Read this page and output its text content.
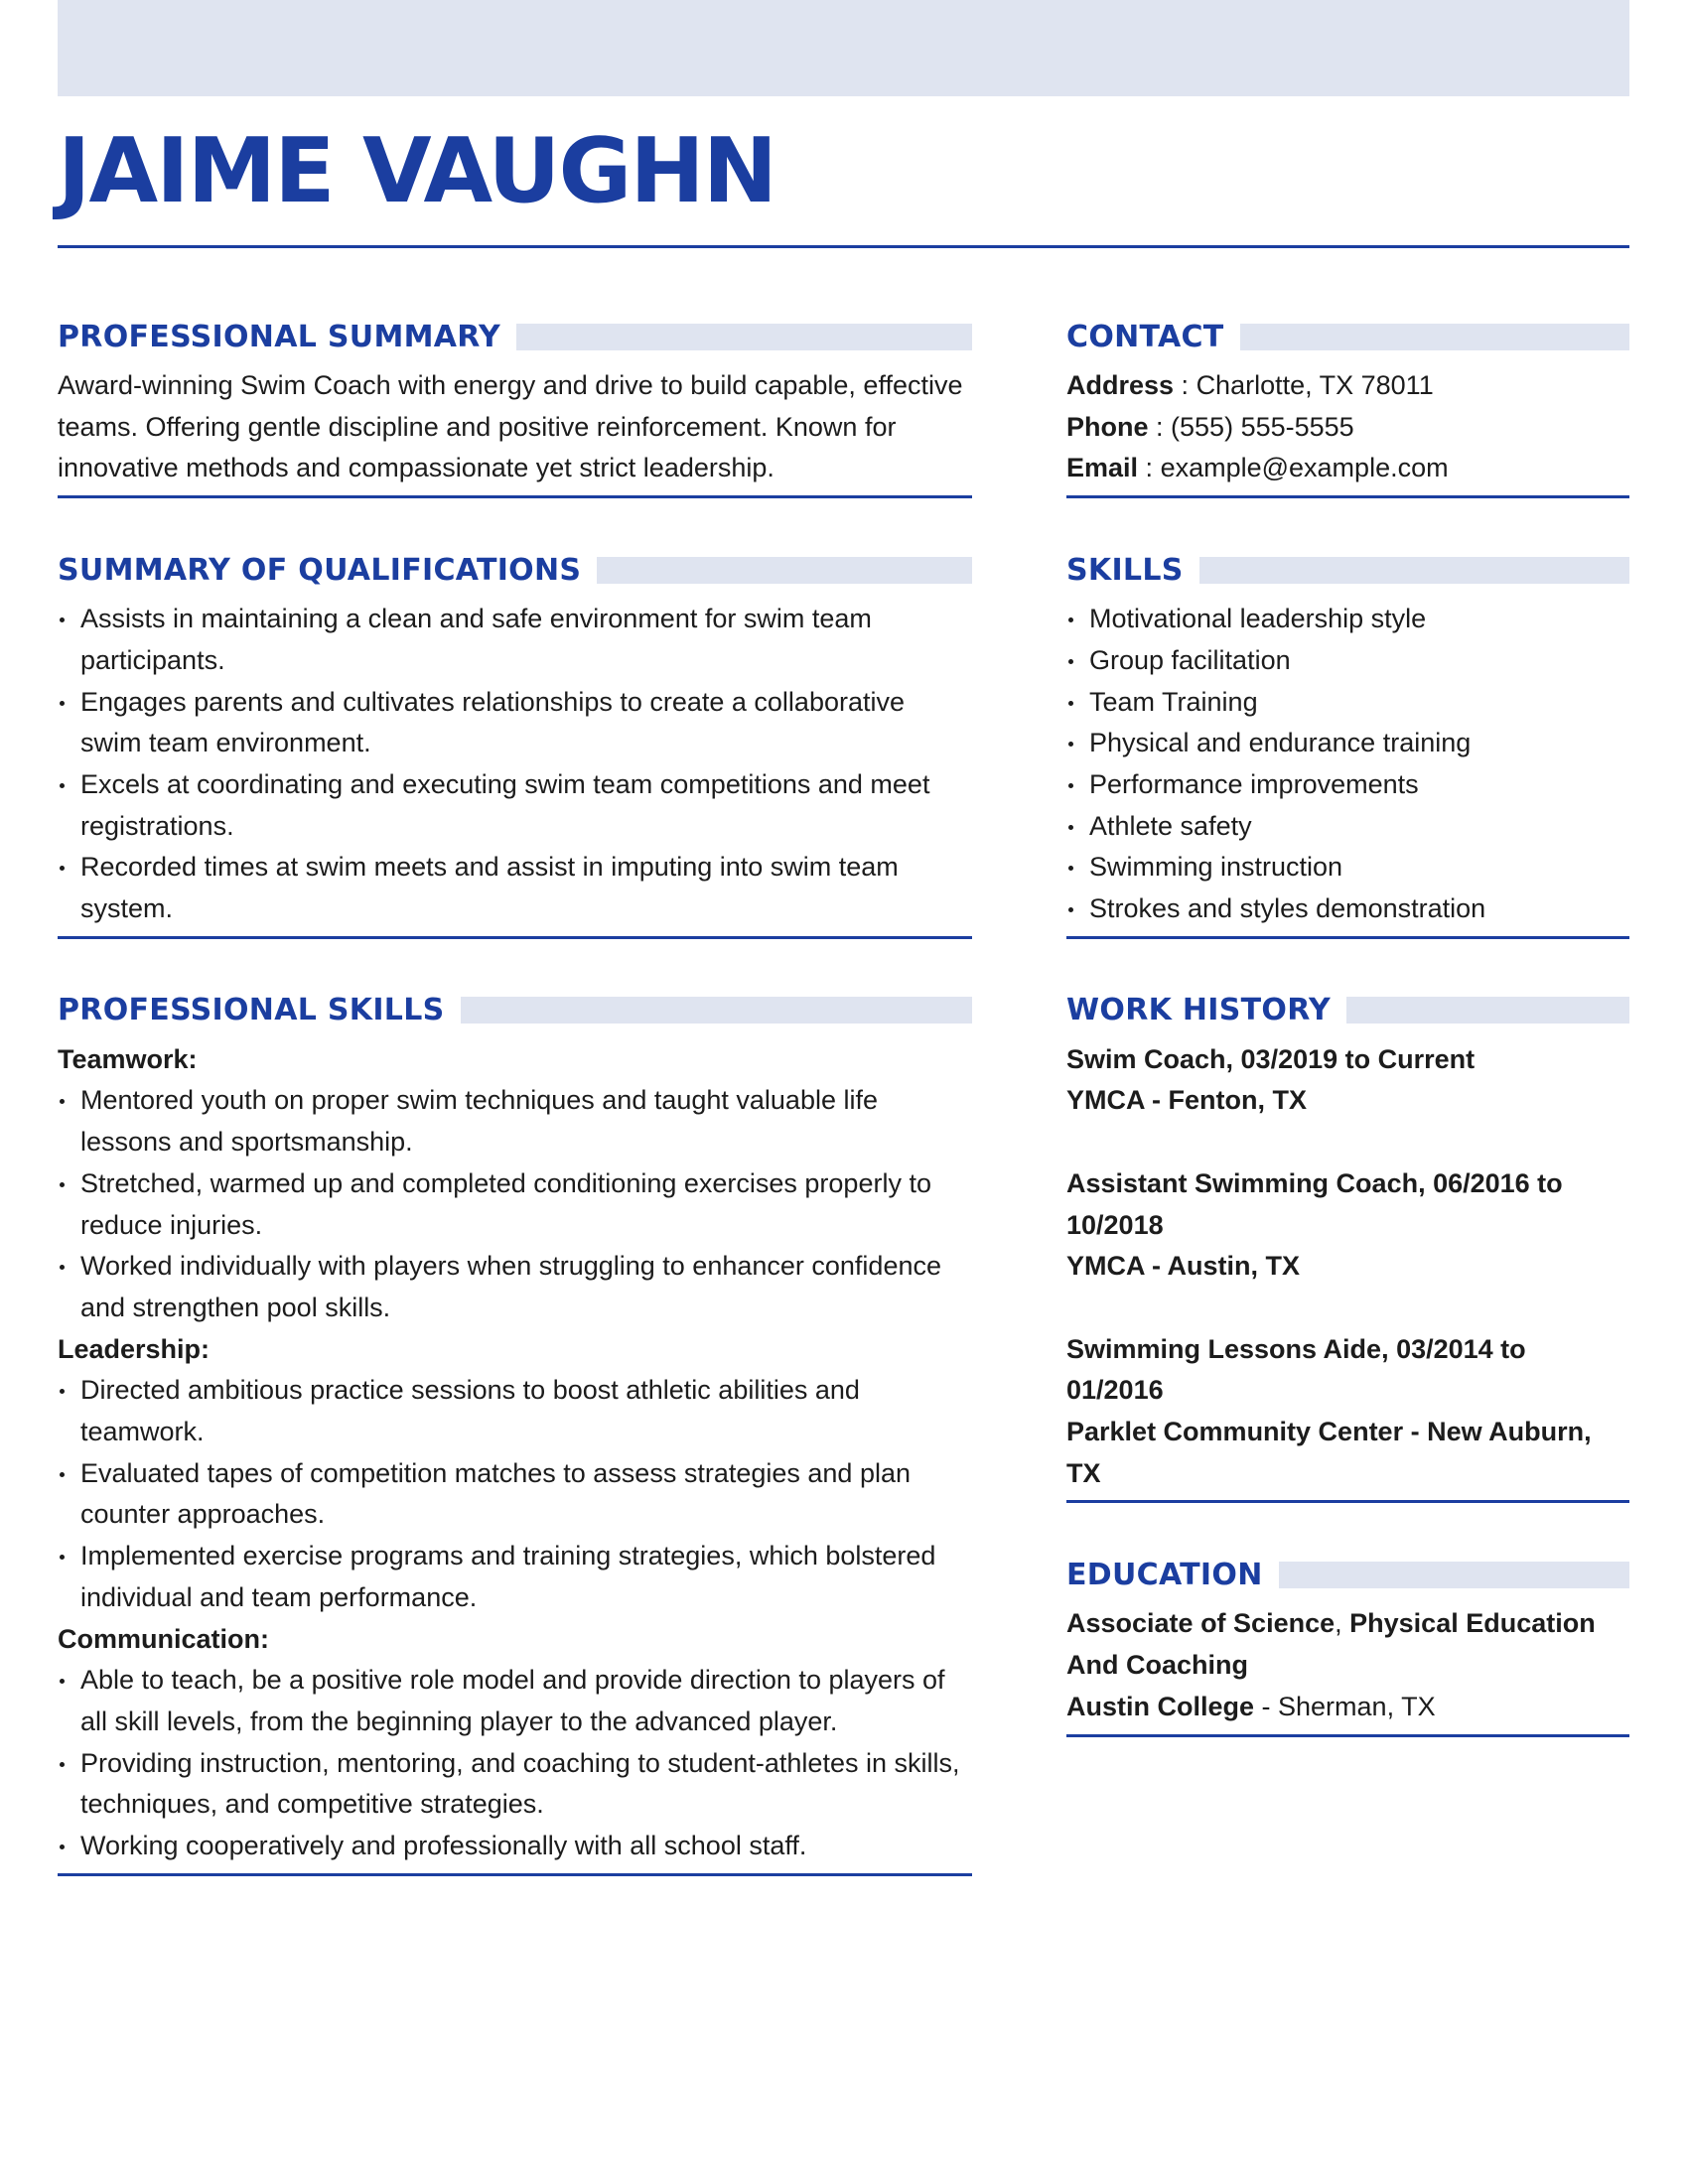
JAIME VAUGHN
PROFESSIONAL SUMMARY
Award-winning Swim Coach with energy and drive to build capable, effective teams. Offering gentle discipline and positive reinforcement. Known for innovative methods and compassionate yet strict leadership.
SUMMARY OF QUALIFICATIONS
Assists in maintaining a clean and safe environment for swim team participants.
Engages parents and cultivates relationships to create a collaborative swim team environment.
Excels at coordinating and executing swim team competitions and meet registrations.
Recorded times at swim meets and assist in imputing into swim team system.
PROFESSIONAL SKILLS
Teamwork:
Mentored youth on proper swim techniques and taught valuable life lessons and sportsmanship.
Stretched, warmed up and completed conditioning exercises properly to reduce injuries.
Worked individually with players when struggling to enhancer confidence and strengthen pool skills.
Leadership:
Directed ambitious practice sessions to boost athletic abilities and teamwork.
Evaluated tapes of competition matches to assess strategies and plan counter approaches.
Implemented exercise programs and training strategies, which bolstered individual and team performance.
Communication:
Able to teach, be a positive role model and provide direction to players of all skill levels, from the beginning player to the advanced player.
Providing instruction, mentoring, and coaching to student-athletes in skills, techniques, and competitive strategies.
Working cooperatively and professionally with all school staff.
CONTACT
Address : Charlotte, TX 78011
Phone : (555) 555-5555
Email : example@example.com
SKILLS
Motivational leadership style
Group facilitation
Team Training
Physical and endurance training
Performance improvements
Athlete safety
Swimming instruction
Strokes and styles demonstration
WORK HISTORY
Swim Coach, 03/2019 to Current
YMCA - Fenton, TX
Assistant Swimming Coach, 06/2016 to 10/2018
YMCA - Austin, TX
Swimming Lessons Aide, 03/2014 to 01/2016
Parklet Community Center - New Auburn, TX
EDUCATION
Associate of Science, Physical Education And Coaching
Austin College - Sherman, TX
